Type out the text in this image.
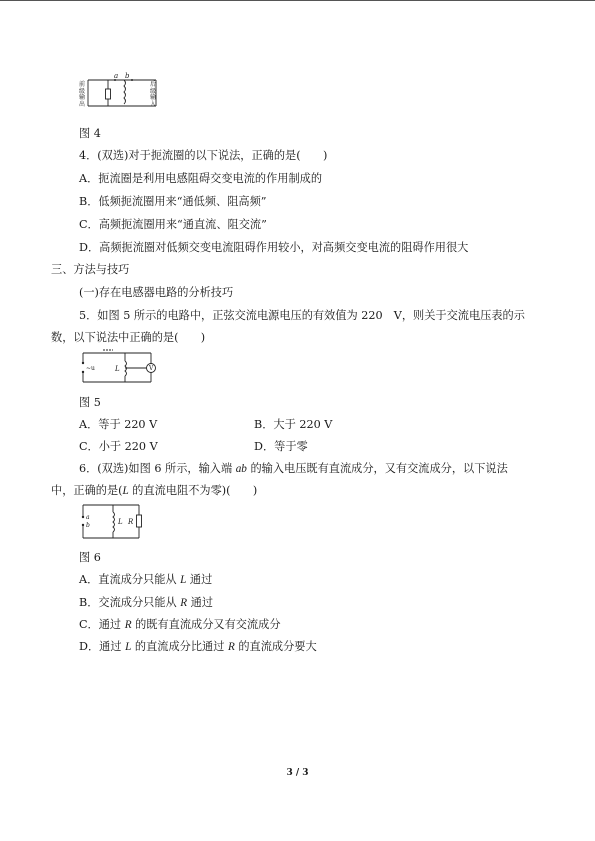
a b
前级输出
后级输入
图 4
4．(双选)对于扼流圈的以下说法，正确的是(　　)
A．扼流圈是利用电感阻碍交变电流的作用制成的
B．低频扼流圈用来“通低频、阻高频”
C．高频扼流圈用来“通直流、阻交流”
D．高频扼流圈对低频交变电流阻碍作用较小，对高频交变电流的阻碍作用很大
三、方法与技巧
(一)存在电感器电路的分析技巧
5．如图 5 所示的电路中，正弦交流电源电压的有效值为 220　V，则关于交流电压表的示
数，以下说法中正确的是(　　)
~u	L	V
图 5
A．等于 220 V	B．大于 220 V
C．小于 220 V	D．等于零
6．(双选)如图 6 所示，输入端 ab 的输入电压既有直流成分，又有交流成分，以下说法
中，正确的是(L 的直流电阻不为零)(　　)
a
b	L R
图 6
A．直流成分只能从 L 通过
B．交流成分只能从 R 通过
C．通过 R 的既有直流成分又有交流成分
D．通过 L 的直流成分比通过 R 的直流成分要大
3 / 3
